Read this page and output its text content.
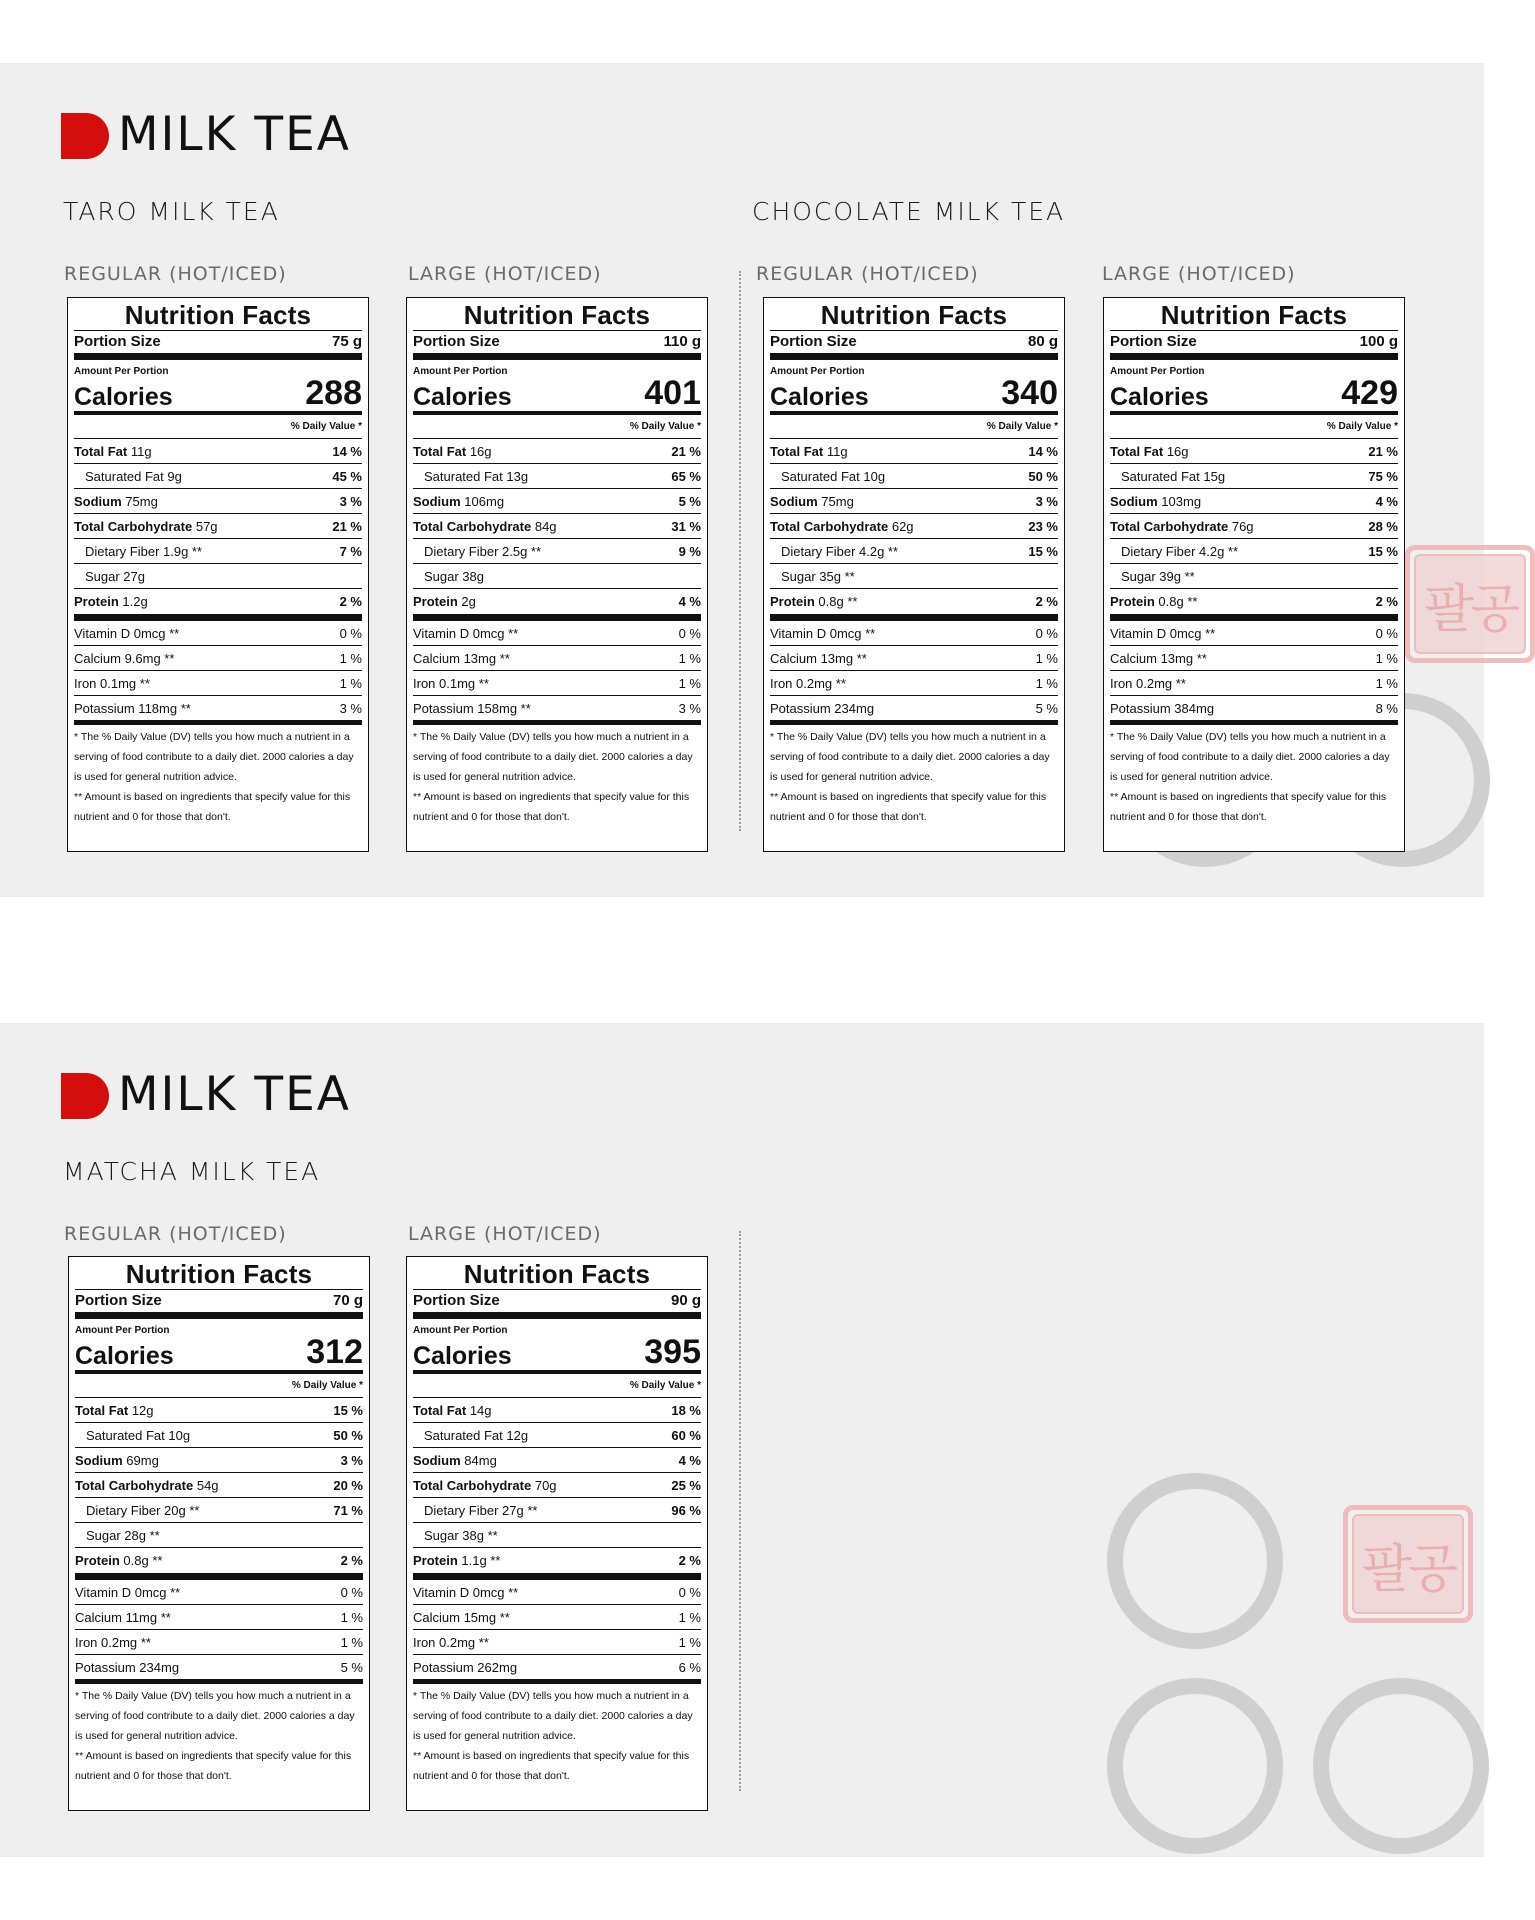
팔공
MILK TEA
TARO MILK TEA	CHOCOLATE MILK TEA
REGULAR (HOT/ICED)	LARGE (HOT/ICED)	REGULAR (HOT/ICED)	LARGE (HOT/ICED)
Nutrition Facts
Portion Size	75 g
Amount Per Portion
Calories	288
% Daily Value *
Total Fat 11g	14 %
Saturated Fat 9g	45 %
Sodium 75mg	3 %
Total Carbohydrate 57g	21 %
Dietary Fiber 1.9g **	7 %
Sugar 27g
Protein 1.2g	2 %
Vitamin D 0mcg **	0 %
Calcium 9.6mg **	1 %
Iron 0.1mg **	1 %
Potassium 118mg **	3 %
* The % Daily Value (DV) tells you how much a nutrient in a serving of food contribute to a daily diet. 2000 calories a day is used for general nutrition advice.
** Amount is based on ingredients that specify value for this nutrient and 0 for those that don't.
Nutrition Facts
Portion Size	110 g
Amount Per Portion
Calories	401
% Daily Value *
Total Fat 16g	21 %
Saturated Fat 13g	65 %
Sodium 106mg	5 %
Total Carbohydrate 84g	31 %
Dietary Fiber 2.5g **	9 %
Sugar 38g
Protein 2g	4 %
Vitamin D 0mcg **	0 %
Calcium 13mg **	1 %
Iron 0.1mg **	1 %
Potassium 158mg **	3 %
* The % Daily Value (DV) tells you how much a nutrient in a serving of food contribute to a daily diet. 2000 calories a day is used for general nutrition advice.
** Amount is based on ingredients that specify value for this nutrient and 0 for those that don't.
Nutrition Facts
Portion Size	80 g
Amount Per Portion
Calories	340
% Daily Value *
Total Fat 11g	14 %
Saturated Fat 10g	50 %
Sodium 75mg	3 %
Total Carbohydrate 62g	23 %
Dietary Fiber 4.2g **	15 %
Sugar 35g **
Protein 0.8g **	2 %
Vitamin D 0mcg **	0 %
Calcium 13mg **	1 %
Iron 0.2mg **	1 %
Potassium 234mg	5 %
* The % Daily Value (DV) tells you how much a nutrient in a serving of food contribute to a daily diet. 2000 calories a day is used for general nutrition advice.
** Amount is based on ingredients that specify value for this nutrient and 0 for those that don't.
Nutrition Facts
Portion Size	100 g
Amount Per Portion
Calories	429
% Daily Value *
Total Fat 16g	21 %
Saturated Fat 15g	75 %
Sodium 103mg	4 %
Total Carbohydrate 76g	28 %
Dietary Fiber 4.2g **	15 %
Sugar 39g **
Protein 0.8g **	2 %
Vitamin D 0mcg **	0 %
Calcium 13mg **	1 %
Iron 0.2mg **	1 %
Potassium 384mg	8 %
* The % Daily Value (DV) tells you how much a nutrient in a serving of food contribute to a daily diet. 2000 calories a day is used for general nutrition advice.
** Amount is based on ingredients that specify value for this nutrient and 0 for those that don't.
팔공
MILK TEA
MATCHA MILK TEA
REGULAR (HOT/ICED)	LARGE (HOT/ICED)
Nutrition Facts
Portion Size	70 g
Amount Per Portion
Calories	312
% Daily Value *
Total Fat 12g	15 %
Saturated Fat 10g	50 %
Sodium 69mg	3 %
Total Carbohydrate 54g	20 %
Dietary Fiber 20g **	71 %
Sugar 28g **
Protein 0.8g **	2 %
Vitamin D 0mcg **	0 %
Calcium 11mg **	1 %
Iron 0.2mg **	1 %
Potassium 234mg	5 %
* The % Daily Value (DV) tells you how much a nutrient in a serving of food contribute to a daily diet. 2000 calories a day is used for general nutrition advice.
** Amount is based on ingredients that specify value for this nutrient and 0 for those that don't.
Nutrition Facts
Portion Size	90 g
Amount Per Portion
Calories	395
% Daily Value *
Total Fat 14g	18 %
Saturated Fat 12g	60 %
Sodium 84mg	4 %
Total Carbohydrate 70g	25 %
Dietary Fiber 27g **	96 %
Sugar 38g **
Protein 1.1g **	2 %
Vitamin D 0mcg **	0 %
Calcium 15mg **	1 %
Iron 0.2mg **	1 %
Potassium 262mg	6 %
* The % Daily Value (DV) tells you how much a nutrient in a serving of food contribute to a daily diet. 2000 calories a day is used for general nutrition advice.
** Amount is based on ingredients that specify value for this nutrient and 0 for those that don't.
